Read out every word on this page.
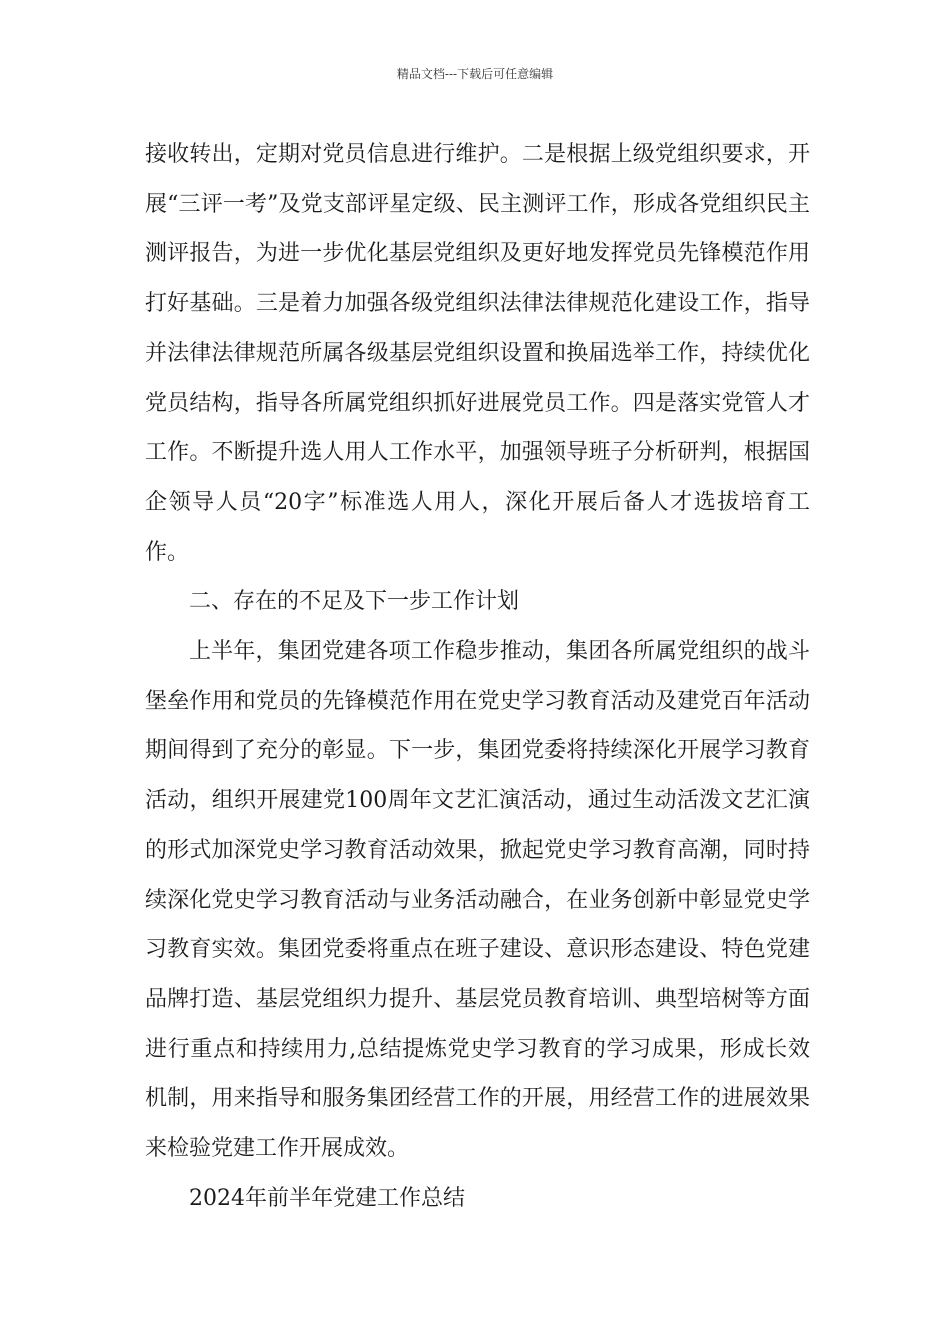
精品文档---下载后可任意编辑

接收转出，定期对党员信息进行维护。二是根据上级党组织要求，开展“三评一考”及党支部评星定级、民主测评工作，形成各党组织民主测评报告，为进一步优化基层党组织及更好地发挥党员先锋模范作用打好基础。三是着力加强各级党组织法律法律规范化建设工作，指导并法律法律规范所属各级基层党组织设置和换届选举工作，持续优化党员结构，指导各所属党组织抓好进展党员工作。四是落实党管人才工作。不断提升选人用人工作水平，加强领导班子分析研判，根据国企领导人员“20字”标准选人用人，深化开展后备人才选拔培育工作。

二、存在的不足及下一步工作计划

上半年，集团党建各项工作稳步推动，集团各所属党组织的战斗堡垒作用和党员的先锋模范作用在党史学习教育活动及建党百年活动期间得到了充分的彰显。下一步，集团党委将持续深化开展学习教育活动，组织开展建党100周年文艺汇演活动，通过生动活泼文艺汇演的形式加深党史学习教育活动效果，掀起党史学习教育高潮，同时持续深化党史学习教育活动与业务活动融合，在业务创新中彰显党史学习教育实效。集团党委将重点在班子建设、意识形态建设、特色党建品牌打造、基层党组织力提升、基层党员教育培训、典型培树等方面进行重点和持续用力,总结提炼党史学习教育的学习成果，形成长效机制，用来指导和服务集团经营工作的开展，用经营工作的进展效果来检验党建工作开展成效。

2024年前半年党建工作总结
